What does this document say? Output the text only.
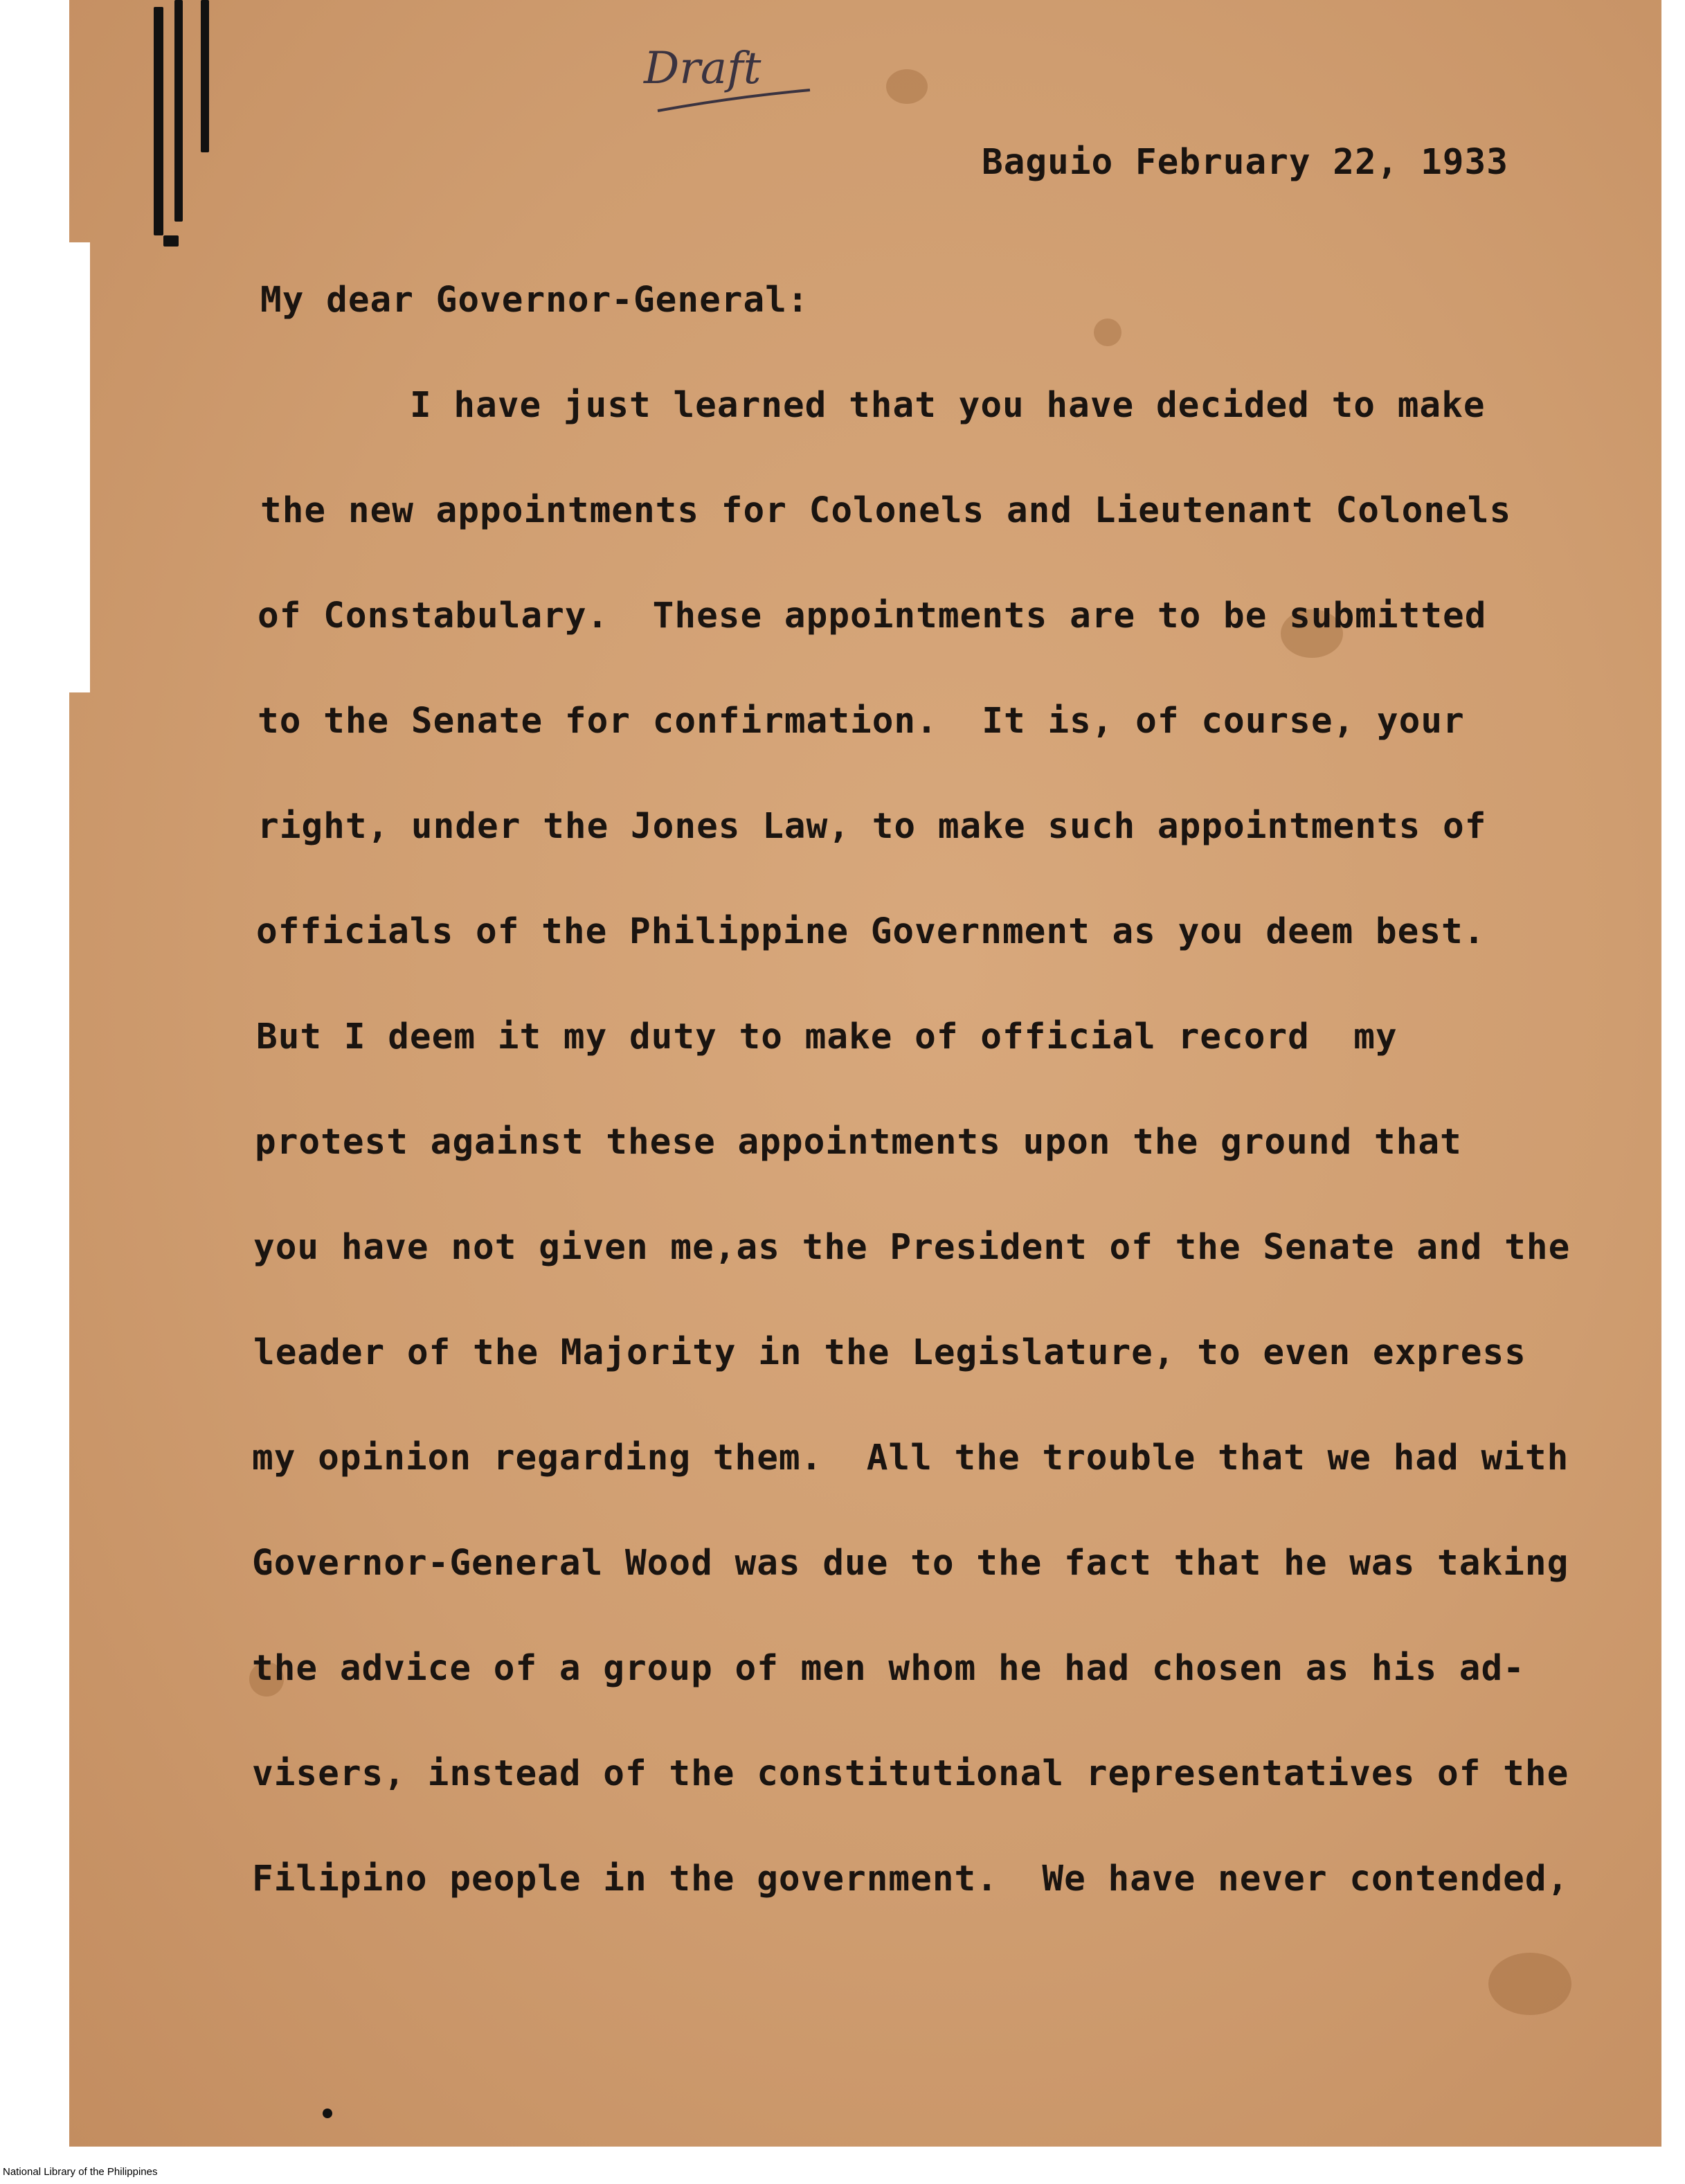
Draft
Baguio February 22, 1933
My dear Governor-General:
I have just learned that you have decided to make
the new appointments for Colonels and Lieutenant Colonels
of Constabulary.  These appointments are to be submitted
to the Senate for confirmation.  It is, of course, your
right, under the Jones Law, to make such appointments of
officials of the Philippine Government as you deem best.
But I deem it my duty to make of official record  my
protest against these appointments upon the ground that
you have not given me,as the President of the Senate and the
leader of the Majority in the Legislature, to even express
my opinion regarding them.  All the trouble that we had with
Governor-General Wood was due to the fact that he was taking
the advice of a group of men whom he had chosen as his ad-
visers, instead of the constitutional representatives of the
Filipino people in the government.  We have never contended,
National Library of the Philippines
